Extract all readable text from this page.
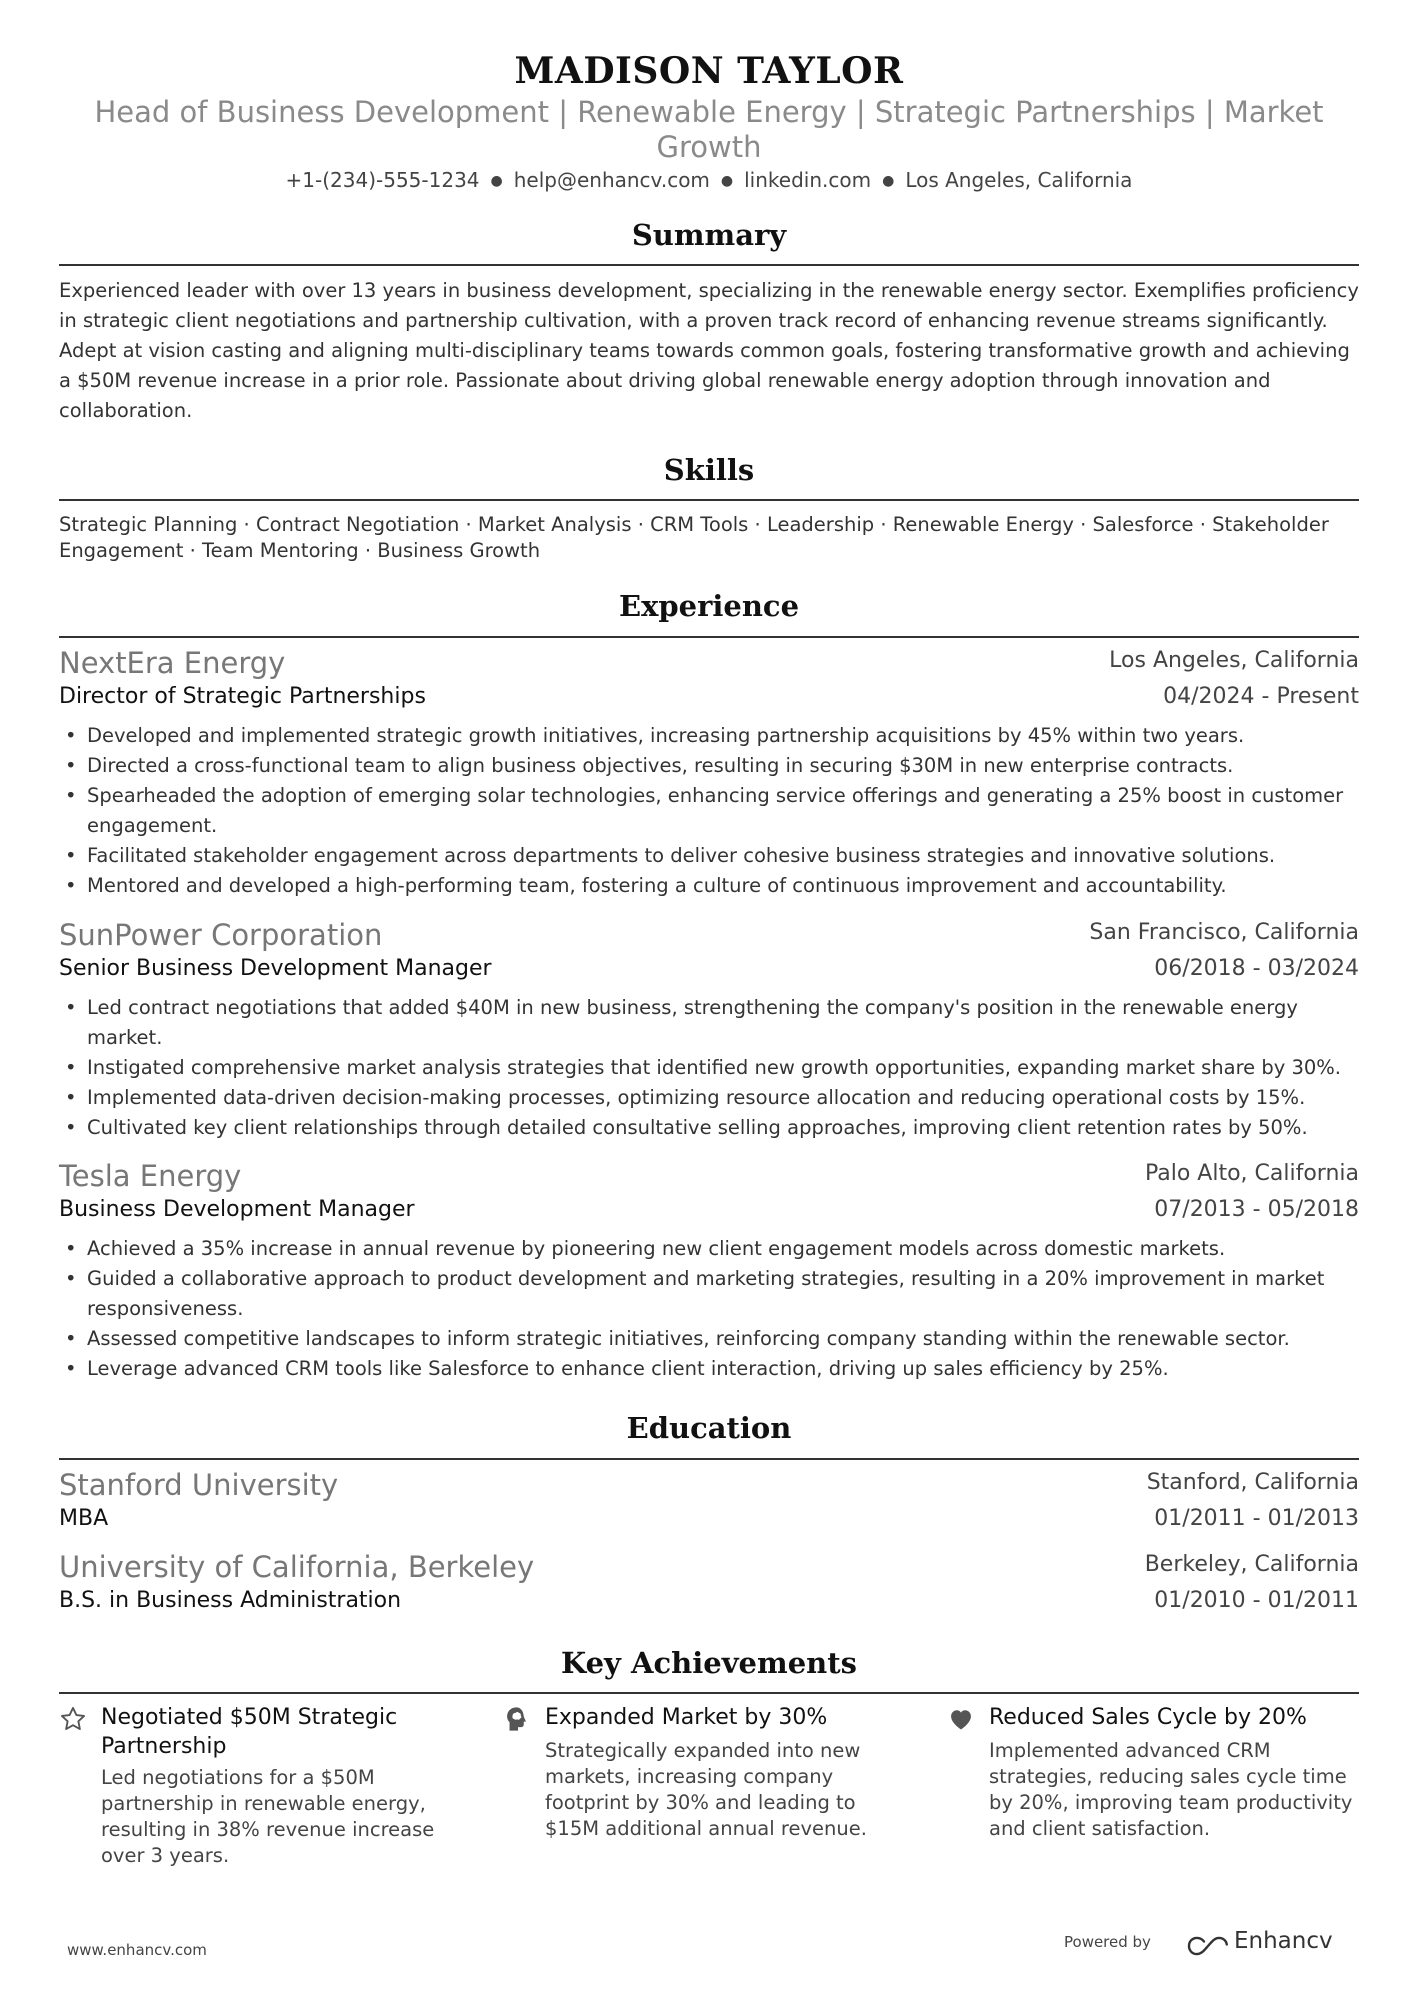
MADISON TAYLOR
Head of Business Development | Renewable Energy | Strategic Partnerships | Market Growth
+1-(234)-555-1234 ● help@enhancv.com ● linkedin.com ● Los Angeles, California
Summary
Experienced leader with over 13 years in business development, specializing in the renewable energy sector. Exemplifies proficiency in strategic client negotiations and partnership cultivation, with a proven track record of enhancing revenue streams significantly. Adept at vision casting and aligning multi-disciplinary teams towards common goals, fostering transformative growth and achieving a $50M revenue increase in a prior role. Passionate about driving global renewable energy adoption through innovation and collaboration.
Skills
Strategic Planning · Contract Negotiation · Market Analysis · CRM Tools · Leadership · Renewable Energy · Salesforce · Stakeholder Engagement · Team Mentoring · Business Growth
Experience
NextEra Energy	Los Angeles, California
Director of Strategic Partnerships	04/2024 - Present
• Developed and implemented strategic growth initiatives, increasing partnership acquisitions by 45% within two years.
• Directed a cross-functional team to align business objectives, resulting in securing $30M in new enterprise contracts.
• Spearheaded the adoption of emerging solar technologies, enhancing service offerings and generating a 25% boost in customer engagement.
• Facilitated stakeholder engagement across departments to deliver cohesive business strategies and innovative solutions.
• Mentored and developed a high-performing team, fostering a culture of continuous improvement and accountability.
SunPower Corporation	San Francisco, California
Senior Business Development Manager	06/2018 - 03/2024
• Led contract negotiations that added $40M in new business, strengthening the company's position in the renewable energy market.
• Instigated comprehensive market analysis strategies that identified new growth opportunities, expanding market share by 30%.
• Implemented data-driven decision-making processes, optimizing resource allocation and reducing operational costs by 15%.
• Cultivated key client relationships through detailed consultative selling approaches, improving client retention rates by 50%.
Tesla Energy	Palo Alto, California
Business Development Manager	07/2013 - 05/2018
• Achieved a 35% increase in annual revenue by pioneering new client engagement models across domestic markets.
• Guided a collaborative approach to product development and marketing strategies, resulting in a 20% improvement in market responsiveness.
• Assessed competitive landscapes to inform strategic initiatives, reinforcing company standing within the renewable sector.
• Leverage advanced CRM tools like Salesforce to enhance client interaction, driving up sales efficiency by 25%.
Education
Stanford University	Stanford, California
MBA	01/2011 - 01/2013
University of California, Berkeley	Berkeley, California
B.S. in Business Administration	01/2010 - 01/2011
Key Achievements
Negotiated $50M Strategic Partnership
Led negotiations for a $50M partnership in renewable energy, resulting in 38% revenue increase over 3 years.
Expanded Market by 30%
Strategically expanded into new markets, increasing company footprint by 30% and leading to $15M additional annual revenue.
Reduced Sales Cycle by 20%
Implemented advanced CRM strategies, reducing sales cycle time by 20%, improving team productivity and client satisfaction.
www.enhancv.com	Powered by	Enhancv
